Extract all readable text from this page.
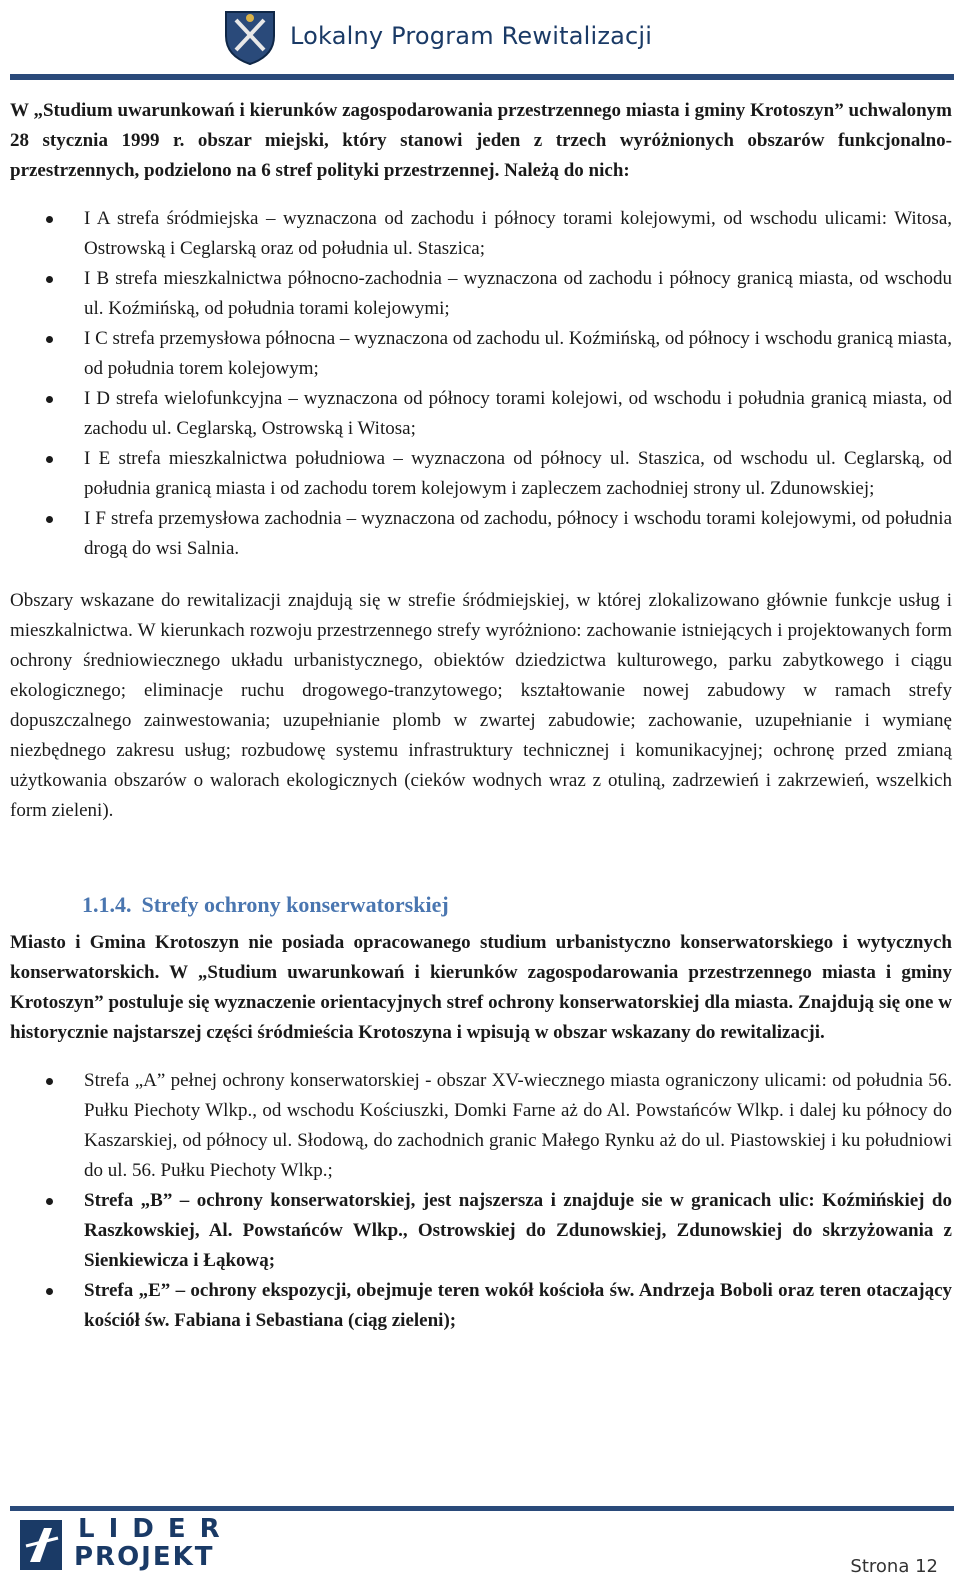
Lokalny Program Rewitalizacji

W „Studium uwarunkowań i kierunków zagospodarowania przestrzennego miasta i gminy Krotoszyn” uchwalonym 28 stycznia 1999 r. obszar miejski, który stanowi jeden z trzech wyróżnionych obszarów funkcjonalno-przestrzennych, podzielono na 6 stref polityki przestrzennej. Należą do nich:

I A strefa śródmiejska – wyznaczona od zachodu i północy torami kolejowymi, od wschodu ulicami: Witosa, Ostrowską i Ceglarską oraz od południa ul. Staszica;
I B strefa mieszkalnictwa północno-zachodnia – wyznaczona od zachodu i północy granicą miasta, od wschodu ul. Koźmińską, od południa torami kolejowymi;
I C strefa przemysłowa północna – wyznaczona od zachodu ul. Koźmińską, od północy i wschodu granicą miasta, od południa torem kolejowym;
I D strefa wielofunkcyjna – wyznaczona od północy torami kolejowi, od wschodu i południa granicą miasta, od zachodu ul. Ceglarską, Ostrowską i Witosa;
I E strefa mieszkalnictwa południowa – wyznaczona od północy ul. Staszica, od wschodu ul. Ceglarską, od południa granicą miasta i od zachodu torem kolejowym i zapleczem zachodniej strony ul. Zdunowskiej;
I F strefa przemysłowa zachodnia – wyznaczona od zachodu, północy i wschodu torami kolejowymi, od południa drogą do wsi Salnia.

Obszary wskazane do rewitalizacji znajdują się w strefie śródmiejskiej, w której zlokalizowano głównie funkcje usług i mieszkalnictwa. W kierunkach rozwoju przestrzennego strefy wyróżniono: zachowanie istniejących i projektowanych form ochrony średniowiecznego układu urbanistycznego, obiektów dziedzictwa kulturowego, parku zabytkowego i ciągu ekologicznego; eliminacje ruchu drogowego-tranzytowego; kształtowanie nowej zabudowy w ramach strefy dopuszczalnego zainwestowania; uzupełnianie plomb w zwartej zabudowie; zachowanie, uzupełnianie i wymianę niezbędnego zakresu usług; rozbudowę systemu infrastruktury technicznej i komunikacyjnej; ochronę przed zmianą użytkowania obszarów o walorach ekologicznych (cieków wodnych wraz z otuliną, zadrzewień i zakrzewień, wszelkich form zieleni).

1.1.4. Strefy ochrony konserwatorskiej

Miasto i Gmina Krotoszyn nie posiada opracowanego studium urbanistyczno konserwatorskiego i wytycznych konserwatorskich. W „Studium uwarunkowań i kierunków zagospodarowania przestrzennego miasta i gminy Krotoszyn” postuluje się wyznaczenie orientacyjnych stref ochrony konserwatorskiej dla miasta. Znajdują się one w historycznie najstarszej części śródmieścia Krotoszyna i wpisują w obszar wskazany do rewitalizacji.

Strefa „A” pełnej ochrony konserwatorskiej - obszar XV-wiecznego miasta ograniczony ulicami: od południa 56. Pułku Piechoty Wlkp., od wschodu Kościuszki, Domki Farne aż do Al. Powstańców Wlkp. i dalej ku północy do Kaszarskiej, od północy ul. Słodową, do zachodnich granic Małego Rynku aż do ul. Piastowskiej i ku południowi do ul. 56. Pułku Piechoty Wlkp.;
Strefa „B” – ochrony konserwatorskiej, jest najszersza i znajduje sie w granicach ulic: Koźmińskiej do Raszkowskiej, Al. Powstańców Wlkp., Ostrowskiej do Zdunowskiej, Zdunowskiej do skrzyżowania z Sienkiewicza i Łąkową;
Strefa „E” – ochrony ekspozycji, obejmuje teren wokół kościoła św. Andrzeja Boboli oraz teren otaczający kościół św. Fabiana i Sebastiana (ciąg zieleni);
LIDER
PROJEKT	Strona 12
